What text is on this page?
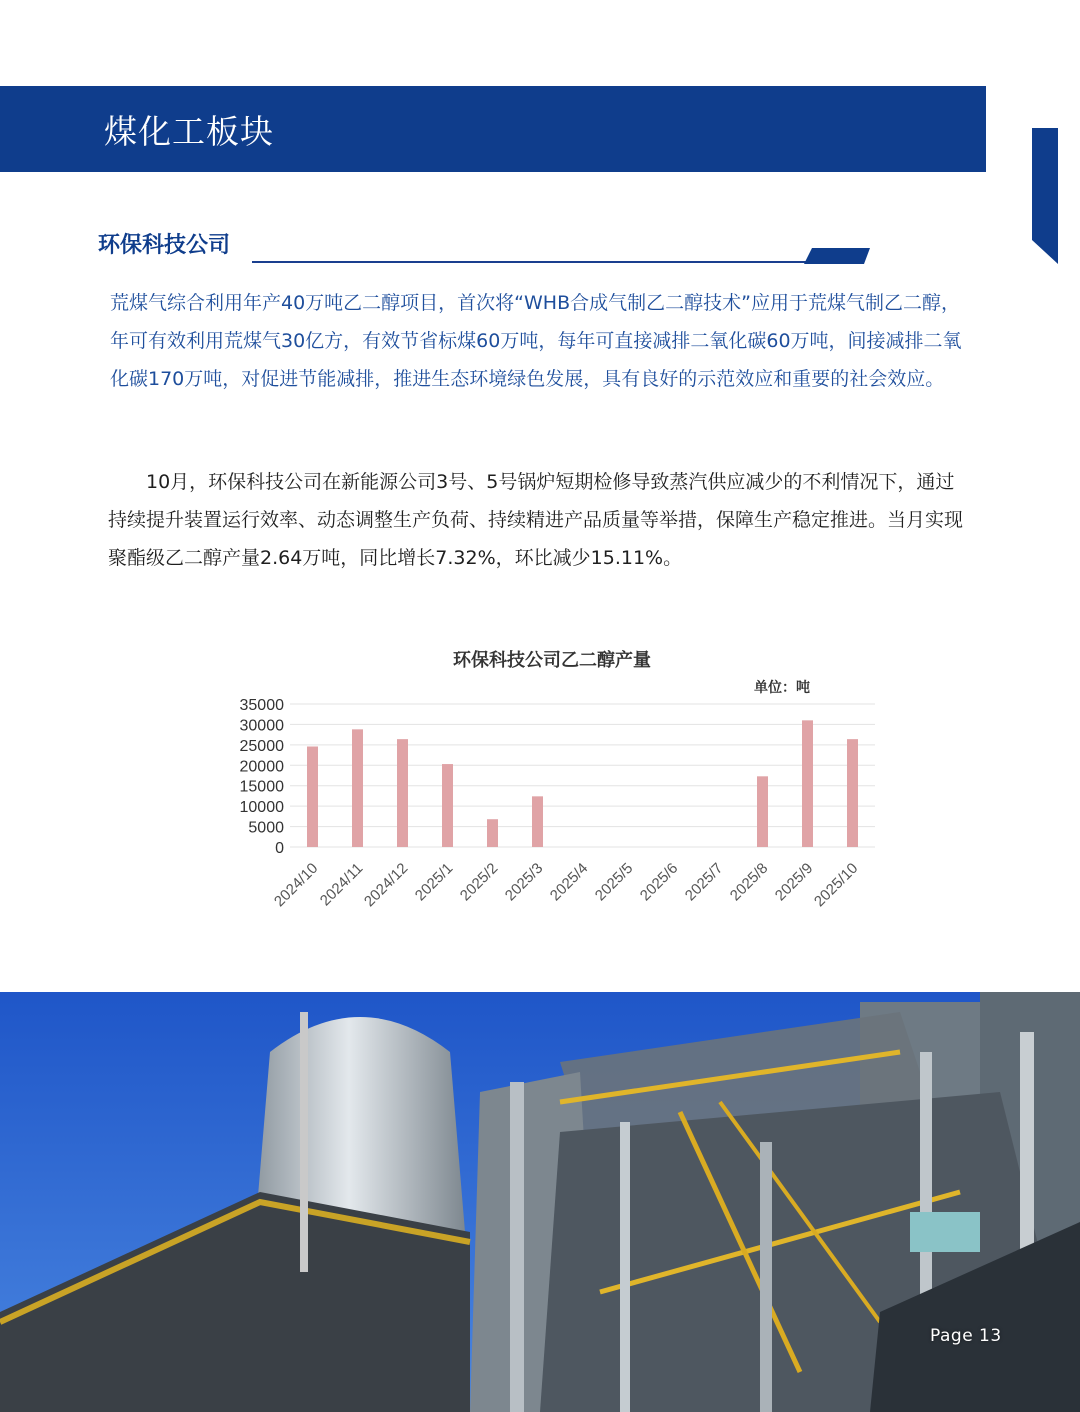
煤化工板块
环保科技公司

荒煤气综合利用年产40万吨乙二醇项目，首次将“WHB合成气制乙二醇技术”应用于荒煤气制乙二醇，年可有效利用荒煤气30亿方，有效节省标煤60万吨，每年可直接减排二氧化碳60万吨，间接减排二氧化碳170万吨，对促进节能减排，推进生态环境绿色发展，具有良好的示范效应和重要的社会效应。

10月，环保科技公司在新能源公司3号、5号锅炉短期检修导致蒸汽供应减少的不利情况下，通过持续提升装置运行效率、动态调整生产负荷、持续精进产品质量等举措，保障生产稳定推进。当月实现聚酯级乙二醇产量2.64万吨，同比增长7.32%，环比减少15.11%。

环保科技公司乙二醇产量
单位：吨
0
5000
10000
15000
20000
25000
30000
35000
2024/10
2024/11
2024/12 2025/1 2025/2 2025/3 2025/4 2025/5 2025/6 2025/7 2025/8 2025/9
2025/10
Page 13
